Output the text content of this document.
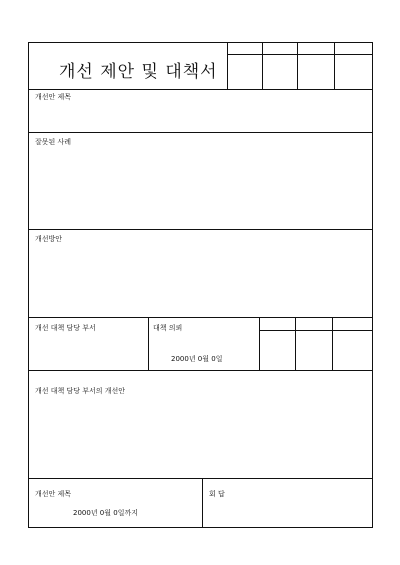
개선 제안 및 대책서
개선안 제목
잘못된 사례
개선방안
개선 대책 담당 부서	대책 의뢰
2000년 0월 0일
개선 대책 담당 부서의 개선안
개선안 제목
2000년 0월 0일까지
회 답
